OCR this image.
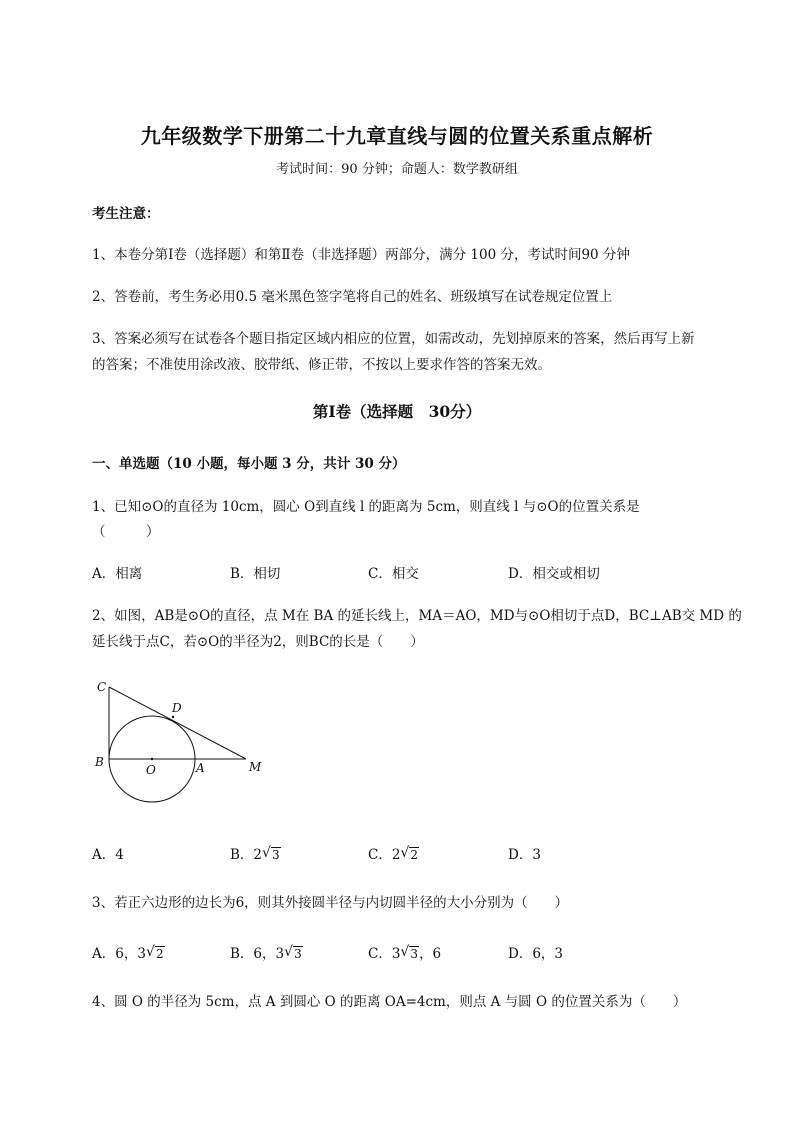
九年级数学下册第二十九章直线与圆的位置关系重点解析
考试时间：90 分钟；命题人：数学教研组
考生注意：
1、本卷分第Ⅰ卷（选择题）和第Ⅱ卷（非选择题）两部分，满分 100 分，考试时间90 分钟
2、答卷前，考生务必用0.5 毫米黑色签字笔将自己的姓名、班级填写在试卷规定位置上
3、答案必须写在试卷各个题目指定区域内相应的位置，如需改动，先划掉原来的答案，然后再写上新
的答案；不准使用涂改液、胶带纸、修正带，不按以上要求作答的答案无效。
第Ⅰ卷（选择题　30分）
一、单选题（10 小题，每小题 3 分，共计 30 分）
1、已知⊙O的直径为 10cm，圆心 O到直线 l 的距离为 5cm，则直线 l 与⊙O的位置关系是
（　　　）
A．相离	B．相切	C．相交	D．相交或相切
2、如图，AB是⊙O的直径，点 M在 BA 的延长线上，MA＝AO，MD与⊙O相切于点D，BC⊥AB交 MD 的
延长线于点C，若⊙O的半径为2，则BC的长是（　　）
C
D
B
O	A	M
A．4	B．2 √ 3	C．2 √ 2	D．3
3、若正六边形的边长为6，则其外接圆半径与内切圆半径的大小分别为（　　）
A．6，3 √ 2	B．6，3 √ 3	C．3 √ 3，6	D．6，3
4、圆 O 的半径为 5cm，点 A 到圆心 O 的距离 OA=4cm，则点 A 与圆 O 的位置关系为（　　）
